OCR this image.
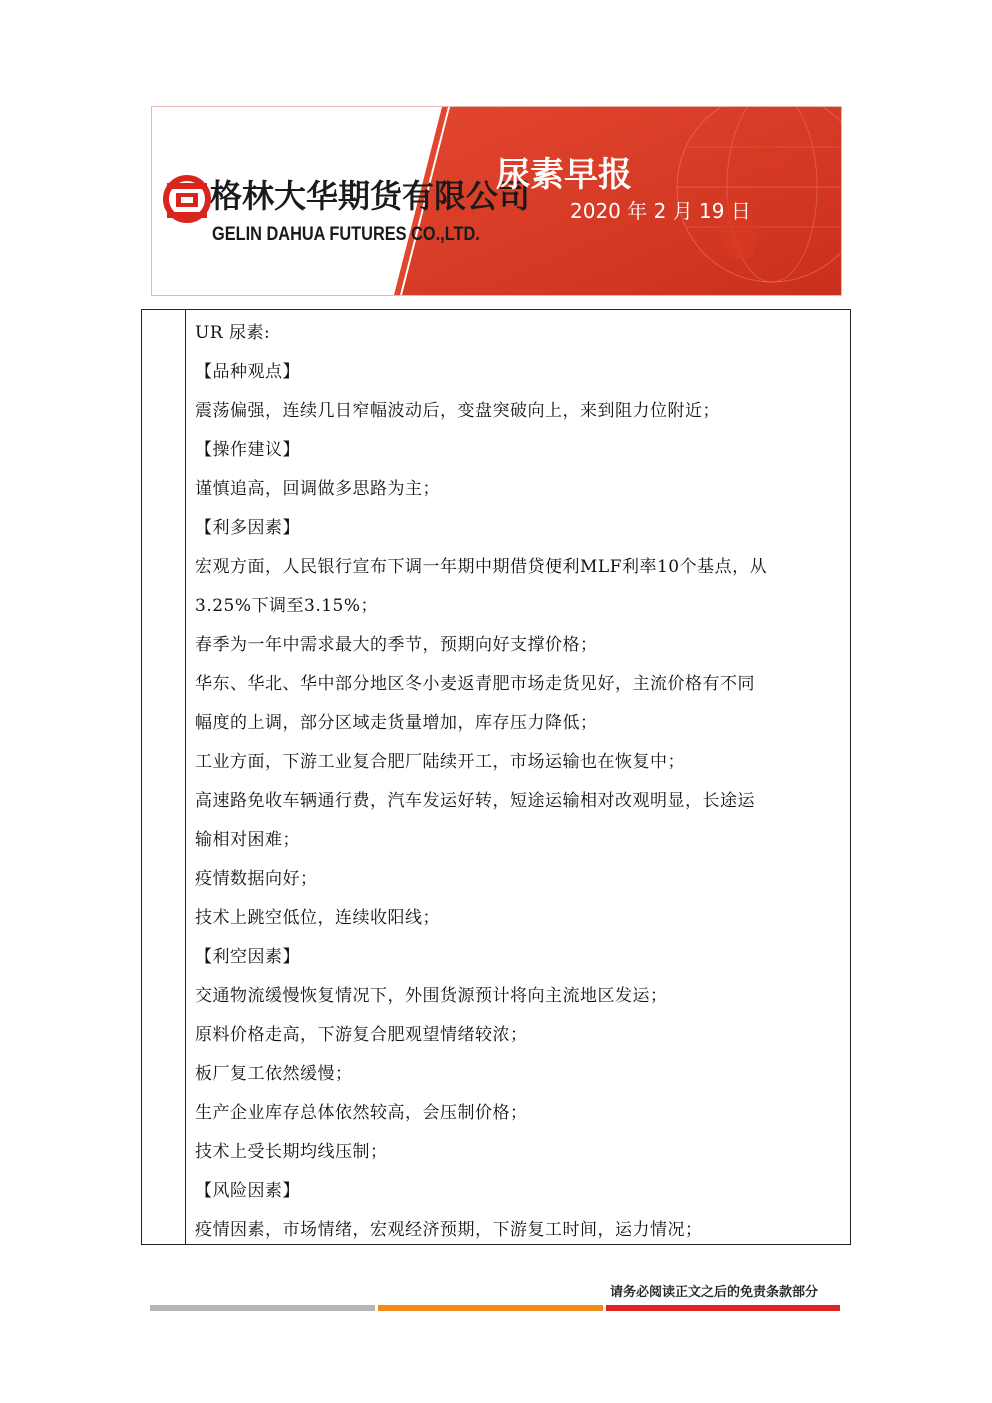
格林大华期货有限公司
GELIN DAHUA FUTURES CO.,LTD.
尿素早报
2020 年 2 月 19 日
UR 尿素:
【品种观点】
震荡偏强，连续几日窄幅波动后，变盘突破向上，来到阻力位附近；
【操作建议】
谨慎追高，回调做多思路为主；
【利多因素】
宏观方面，人民银行宣布下调一年期中期借贷便利MLF利率10个基点，从
3.25%下调至3.15%；
春季为一年中需求最大的季节，预期向好支撑价格；
华东、华北、华中部分地区冬小麦返青肥市场走货见好，主流价格有不同
幅度的上调，部分区域走货量增加，库存压力降低；
工业方面，下游工业复合肥厂陆续开工，市场运输也在恢复中；
高速路免收车辆通行费，汽车发运好转，短途运输相对改观明显，长途运
输相对困难；
疫情数据向好；
技术上跳空低位，连续收阳线；
【利空因素】
交通物流缓慢恢复情况下，外围货源预计将向主流地区发运；
原料价格走高，下游复合肥观望情绪较浓；
板厂复工依然缓慢；
生产企业库存总体依然较高，会压制价格；
技术上受长期均线压制；
【风险因素】
疫情因素，市场情绪，宏观经济预期，下游复工时间，运力情况；
请务必阅读正文之后的免责条款部分
